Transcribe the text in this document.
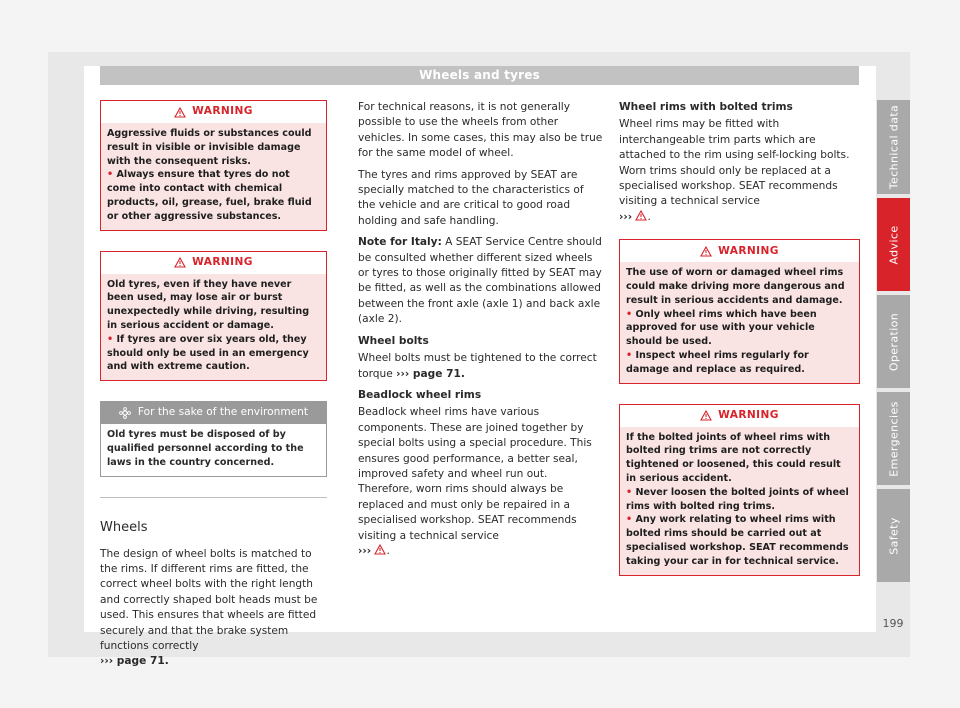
Wheels and tyres
WARNING

Aggressive fluids or substances could result in visible or invisible damage with the consequent risks.

• Always ensure that tyres do not come into contact with chemical products, oil, grease, fuel, brake fluid or other aggressive substances.

WARNING

Old tyres, even if they have never been used, may lose air or burst unexpectedly while driving, resulting in serious accident or damage.

• If tyres are over six years old, they should only be used in an emergency and with extreme caution.

For the sake of the environment
Old tyres must be disposed of by qualified personnel according to the laws in the country concerned.
Wheels

The design of wheel bolts is matched to the rims. If different rims are fitted, the correct wheel bolts with the right length and correctly shaped bolt heads must be used. This ensures that wheels are fitted securely and that the brake system functions correctly
››› page 71.

For technical reasons, it is not generally possible to use the wheels from other vehicles. In some cases, this may also be true for the same model of wheel.

The tyres and rims approved by SEAT are specially matched to the characteristics of the vehicle and are critical to good road holding and safe handling.

Note for Italy: A SEAT Service Centre should be consulted whether different sized wheels or tyres to those originally fitted by SEAT may be fitted, as well as the combinations allowed between the front axle (axle 1) and back axle (axle 2).

Wheel bolts

Wheel bolts must be tightened to the correct torque ››› page 71.

Beadlock wheel rims

Beadlock wheel rims have various components. These are joined together by special bolts using a special procedure. This ensures good performance, a better seal, improved safety and wheel run out. Therefore, worn rims should always be replaced and must only be repaired in a specialised workshop. SEAT recommends visiting a technical service
››› .

Wheel rims with bolted trims

Wheel rims may be fitted with interchangeable trim parts which are attached to the rim using self-locking bolts. Worn trims should only be replaced at a specialised workshop. SEAT recommends visiting a technical service
››› .

WARNING

The use of worn or damaged wheel rims could make driving more dangerous and result in serious accidents and damage.

• Only wheel rims which have been approved for use with your vehicle should be used.

• Inspect wheel rims regularly for damage and replace as required.

WARNING

If the bolted joints of wheel rims with bolted ring trims are not correctly tightened or loosened, this could result in serious accident.

• Never loosen the bolted joints of wheel rims with bolted ring trims.

• Any work relating to wheel rims with bolted rims should be carried out at specialised workshop. SEAT recommends taking your car in for technical service.

Technical data
Advice
Operation
Emergencies
Safety
199
